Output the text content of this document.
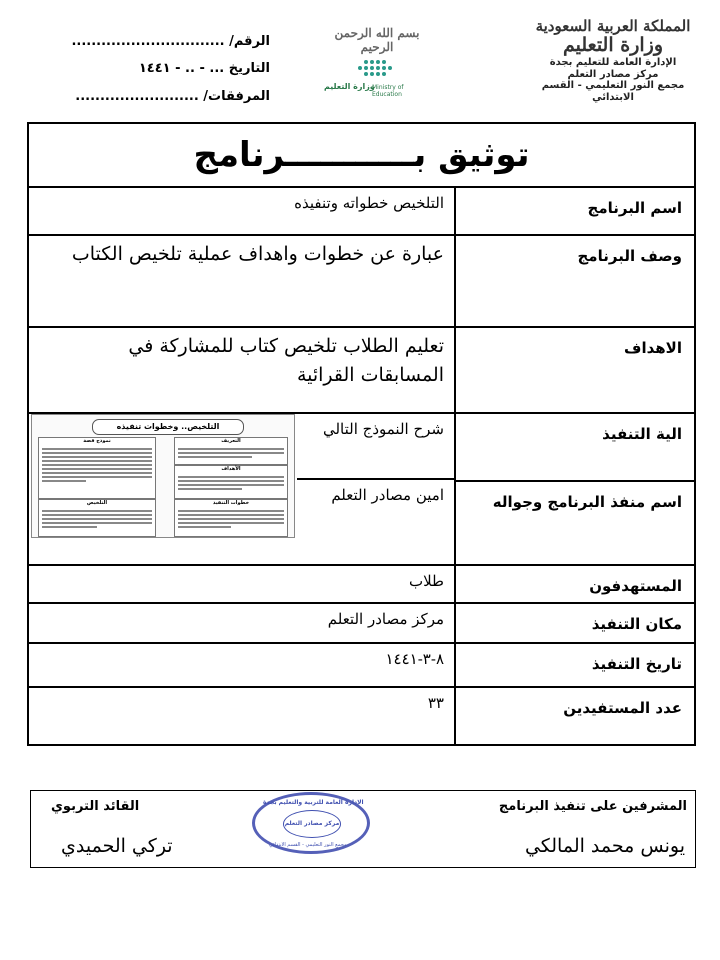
المملكة العربية السعودية
وزارة التعليم
الإدارة العامة للتعليم بجدة
مركز مصادر التعلم
مجمع النور التعليمي - القسم الابتدائي
بسم الله الرحمن الرحيم
وزارة التعليم
Ministry of Education
الرقم/ ...............................
التاريخ ... - .. - ١٤٤١
المرفقات/ .........................
توثيق بـــــــــــرنامج
اسم البرنامج
التلخيص خطواته وتنفيذه
وصف البرنامج
عبارة عن خطوات واهداف عملية تلخيص الكتاب
الاهداف
تعليم الطلاب تلخيص كتاب للمشاركة في المسابقات القرائية
الية التنفيذ
اسم منفذ البرنامج وجواله
شرح النموذج التالي
امين مصادر التعلم
التلخيص.. وخطوات تنفيذه
التعريف
الأهداف
خطوات التنفيذ
نموذج قصة
التلخيص
المستهدفون
طلاب
مكان التنفيذ
مركز مصادر التعلم
تاريخ التنفيذ
٨-٣-١٤٤١
عدد المستفيدين
٣٣
المشرفين على تنفيذ البرنامج
يونس محمد المالكي
القائد التربوي
تركي الحميدي
الإدارة العامة للتربية والتعليم بجدة
مركز مصادر التعلم
مجمع النور التعليمي - القسم الابتدائي
